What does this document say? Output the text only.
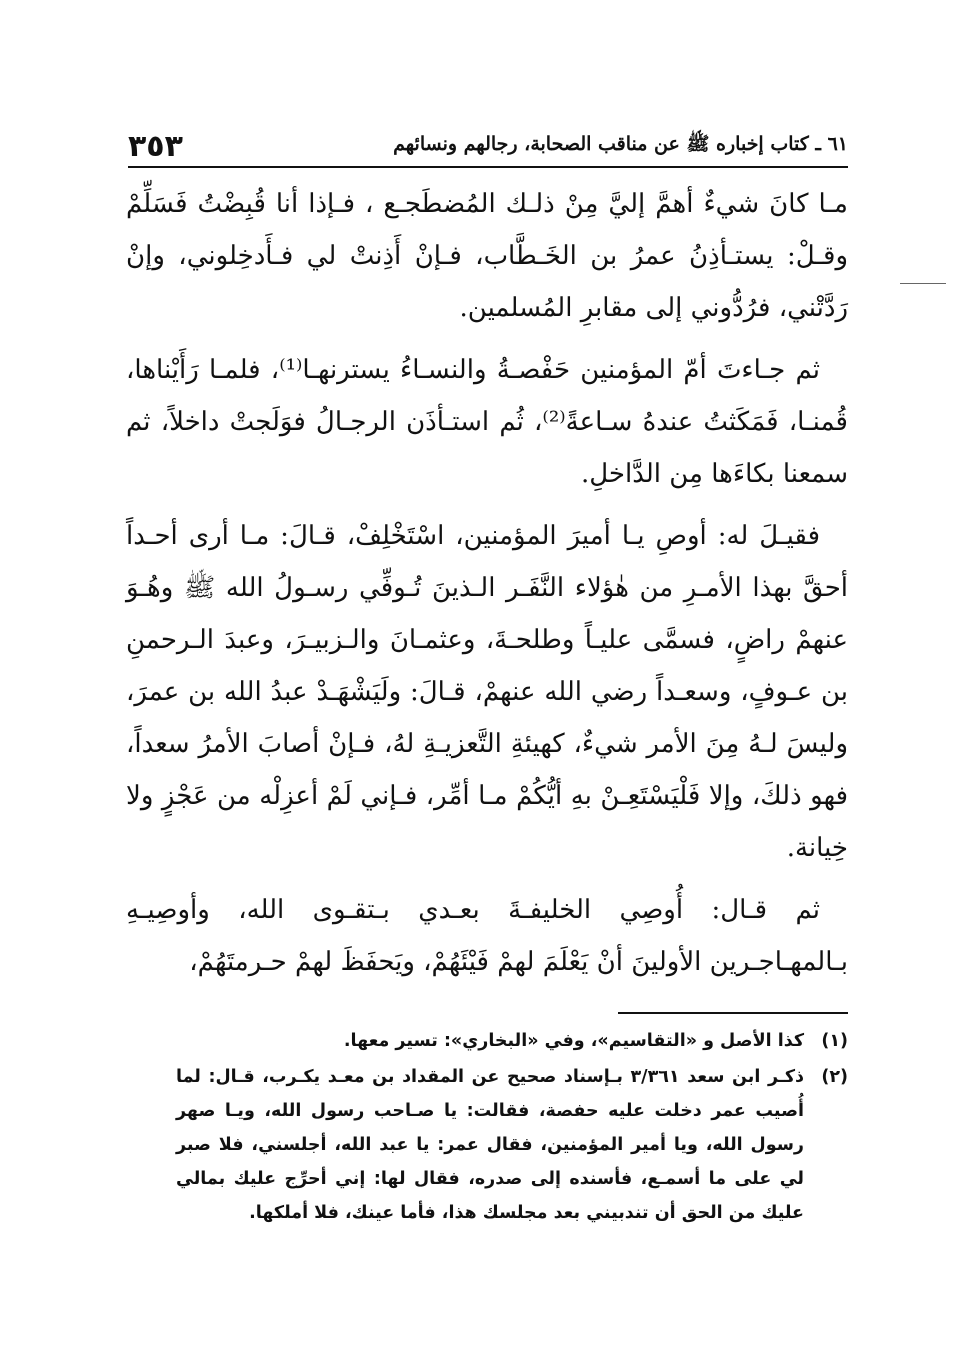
٦١ ـ كتاب إخباره ﷺ عن مناقب الصحابة، رجالهم ونسائهم
٣٥٣

مـا كانَ شيءٌ أهمَّ إليَّ مِنْ ذلـك المُضطَجـع ، فـإذا أنا قُبِضْتُ فَسَلِّمْ وقـلْ: يستـأذِنُ عمرُ بن الخَـطَّاب، فـإنْ أَذِنتْ لي فـأَدخِلوني، وإنْ رَدَّتْني، فرُدُّوني إلى مقابرِ المُسلمين.

ثم جـاءتَ أمّ المؤمنين حَفْصـةُ والنسـاءُ يسترنهـا⁽¹⁾، فلمـا رَأَيْناها، قُمنـا، فَمَكَثتُ عندهُ سـاعةً⁽²⁾، ثُم استـأذَن الرجـالُ فوَلَجتْ داخلاً، ثم سمعنا بكاءَها مِن الدَّاخلِ.

فقيـلَ له: أوصِ يـا أميرَ المؤمنين، اسْتَخْلِفْ، قـالَ: مـا أرى أحـداً أحقَّ بهذا الأمـرِ من هٰؤلاء النَّفَـر الـذينَ تُـوفِّي رسـولُ الله ﷺ وهُـوَ عنهمْ راضٍ، فسمَّى عليـاً وطلحـةَ، وعثمـانَ والـزبيـرَ، وعبدَ الـرحمنِ بن عـوفٍ، وسعـداً رضي الله عنهمْ، قـالَ: ولَيَشْهَـدْ عبدُ الله بن عمرَ، وليسَ لـهُ مِنَ الأمر شيءٌ، كهيئةِ التَّعزيـةِ لهُ، فـإنْ أصابَ الأمرُ سعداً، فهو ذلكَ، وإلا فَلْيَسْتَعِـنْ بهِ أيُّكُمْ مـا أمِّر، فـإني لَمْ أعزِلْه من عَجْزٍ ولا خِيانة.

ثم قـال: أُوصِي الخليفـةَ بعـدي بـتقـوى الله، وأوصِيـهِ بـالمهـاجـرين الأولينَ أنْ يَعْلَمَ لهمْ فَيْئَهُمْ، ويَحفَظَ لهمْ حـرمتَهُمْ،

(١)
كذا الأصل و «التقاسيم»، وفي «البخاري»: تسير معها.
(٢)
ذكـر ابن سعد ٣/٣٦١ بـإسناد صحيح عن المقداد بن معـد يكـرب، قـال: لما أُصيب عمر دخلت عليه حفصة، فقالت: يا صـاحب رسول الله، ويـا صهر رسول الله، ويا أمير المؤمنين، فقال عمر: يا عبد الله، أجلسني، فلا صبر لي على ما أسمـع، فأسنده إلى صدره، فقال لها: إني أحرِّج عليك بمالي عليك من الحق أن تندبيني بعد مجلسك هذا، فأما عينك، فلا أملكها.
